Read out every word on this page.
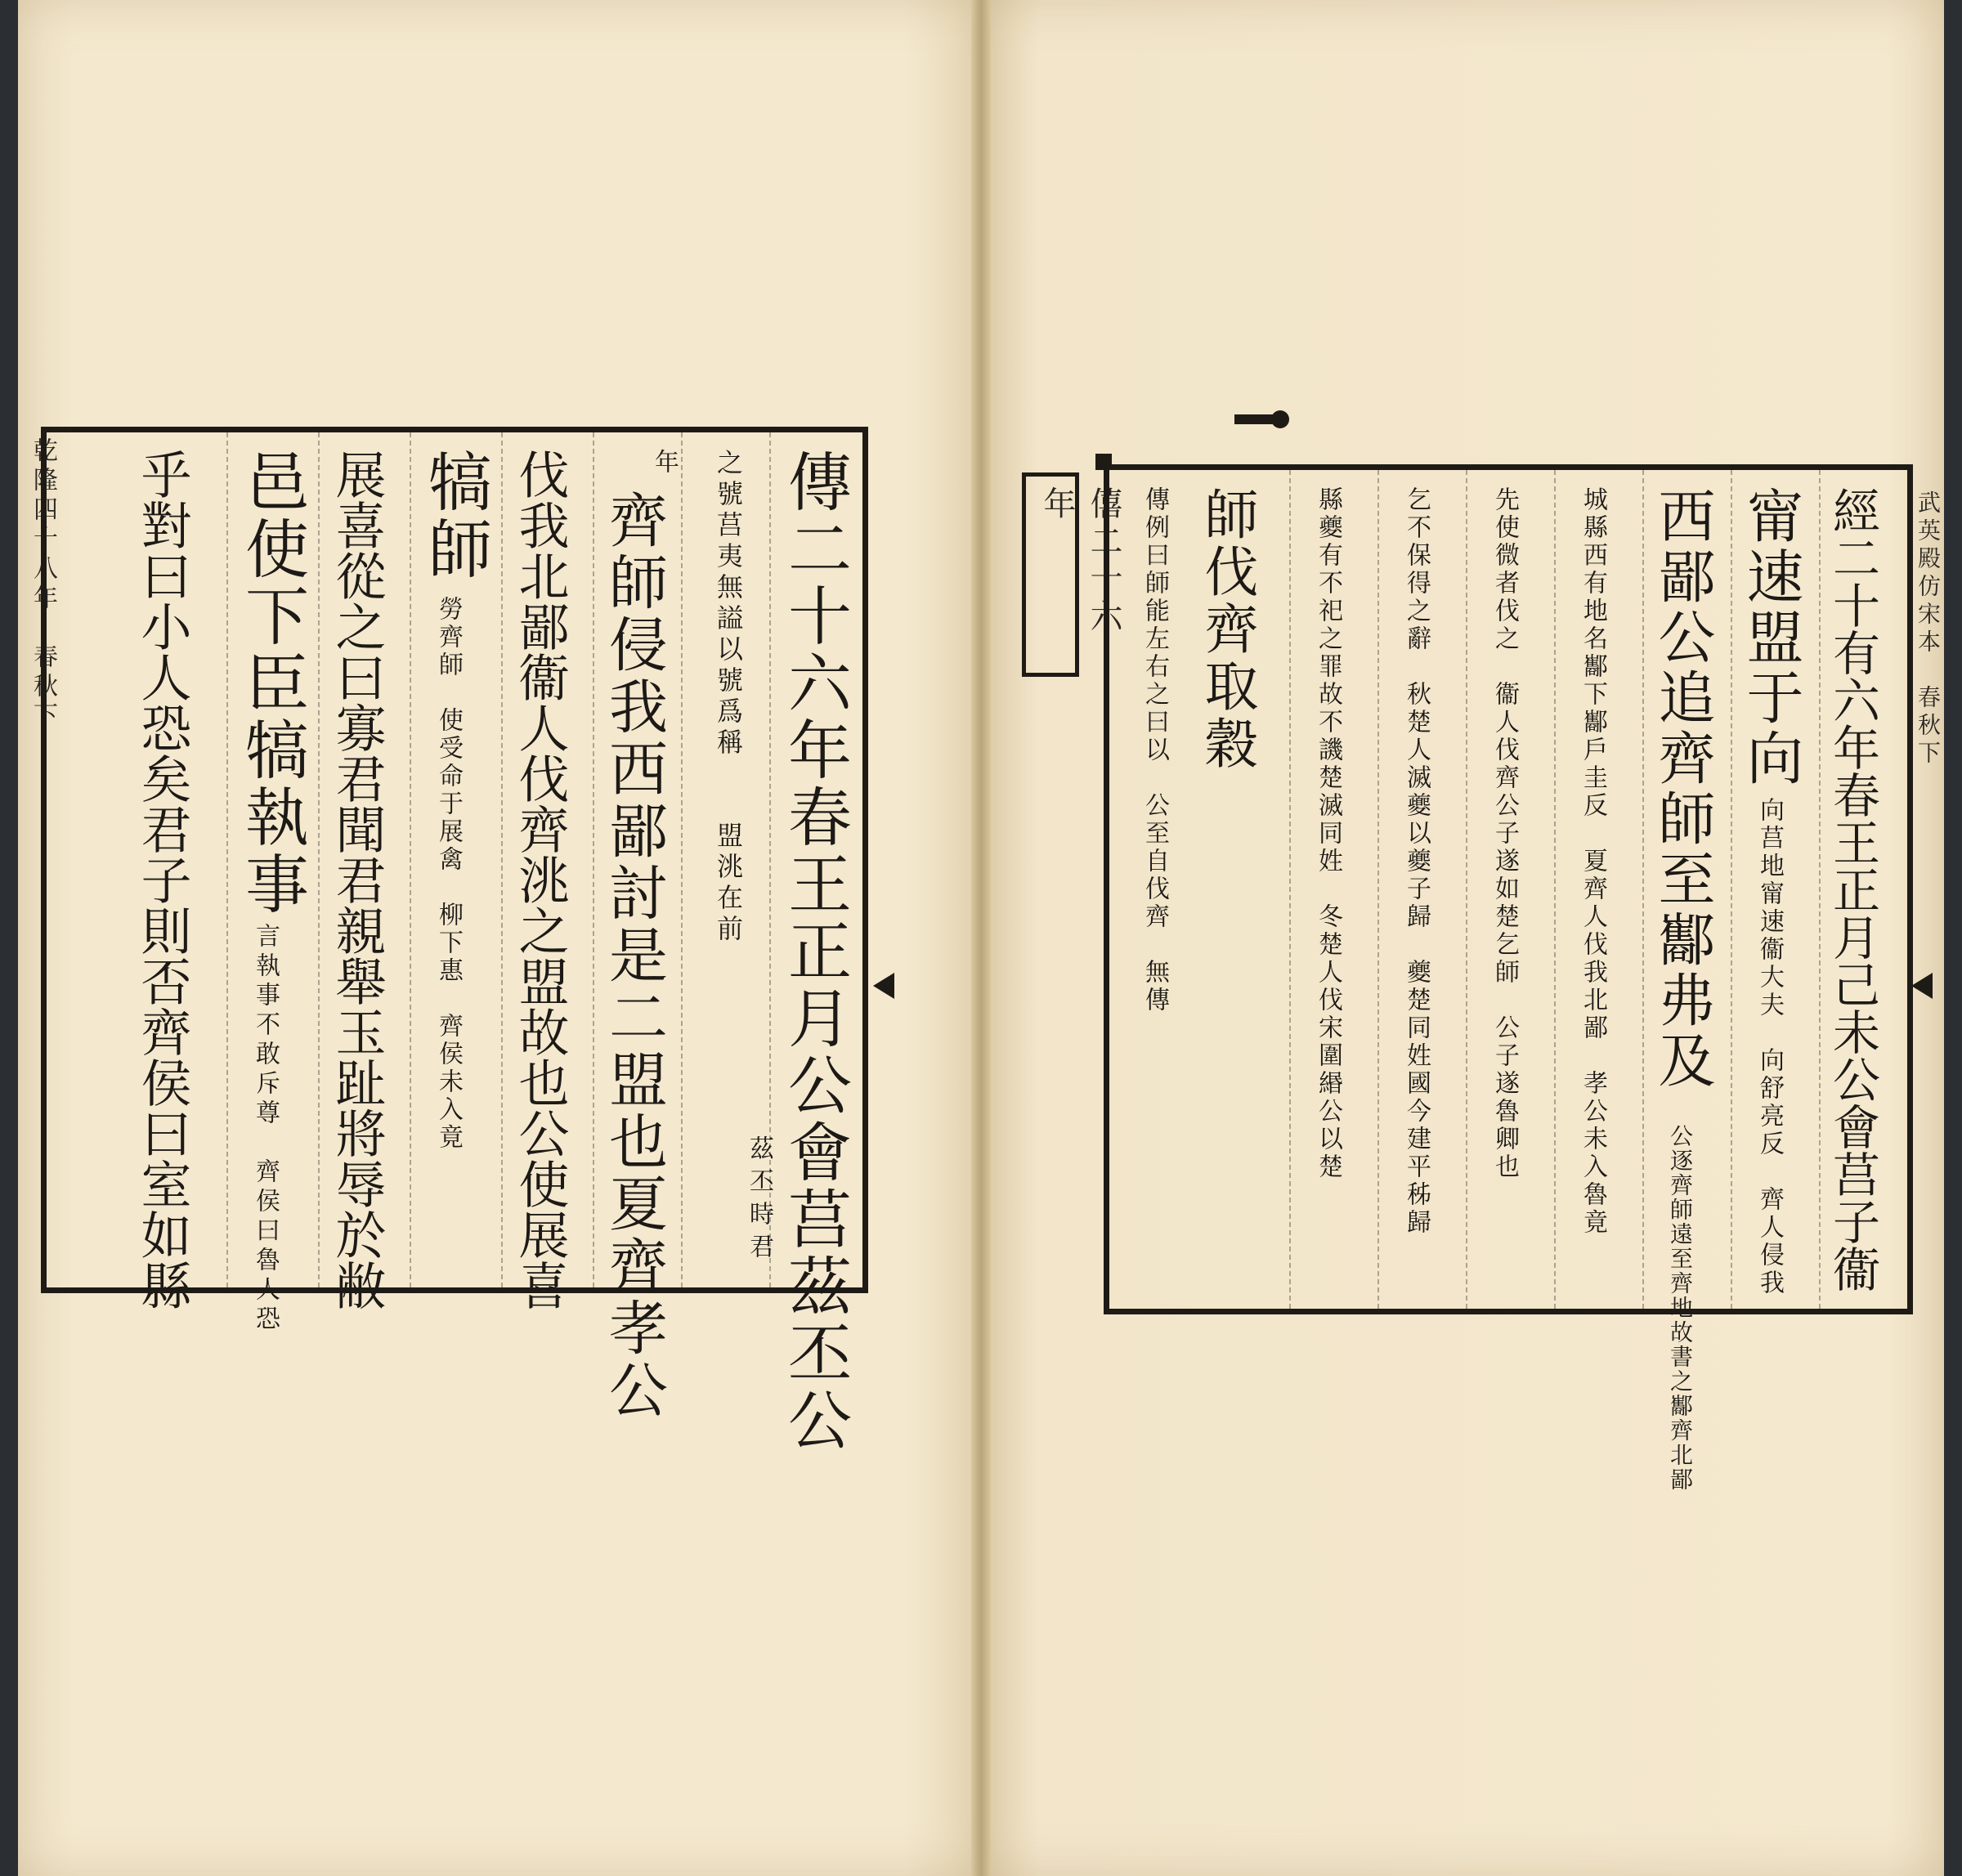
乾隆四十八年　春秋下	傳二十六年春王正月公會莒茲丕公
茲丕時君
之號莒夷無謚以號爲稱　　盟洮在前
齊師侵我西鄙討是二盟也夏齊孝公
年
伐我北鄙衞人伐齊洮之盟故也公使展喜
犒師
勞齊師　使受命于展禽　柳下惠　齊侯未入竟
展喜從之曰寡君聞君親舉玉趾將辱於敝
邑使下臣犒執事
言執事不敢斥尊　齊侯曰魯人恐
乎對曰小人恐矣君子則否齊侯曰室如縣	僖二十六年	武英殿仿宋本　春秋下
經二十有六年春王正月己未公會莒子衞
甯速盟于向
向莒地甯速衞大夫　向舒亮反　齊人侵我
西鄙公追齊師至酅弗及
公逐齊師遠至齊地故書之酅齊北鄙
城縣西有地名酅下酅戶圭反　夏齊人伐我北鄙　孝公未入魯竟
先使微者伐之　衞人伐齊公子遂如楚乞師　公子遂魯卿也
乞不保得之辭　秋楚人滅夔以夔子歸　夔楚同姓國今建平秭歸
縣夔有不祀之罪故不譏楚滅同姓　冬楚人伐宋圍緡公以楚
師伐齊取穀
傳例曰師能左右之曰以　公至自伐齊　無傳
